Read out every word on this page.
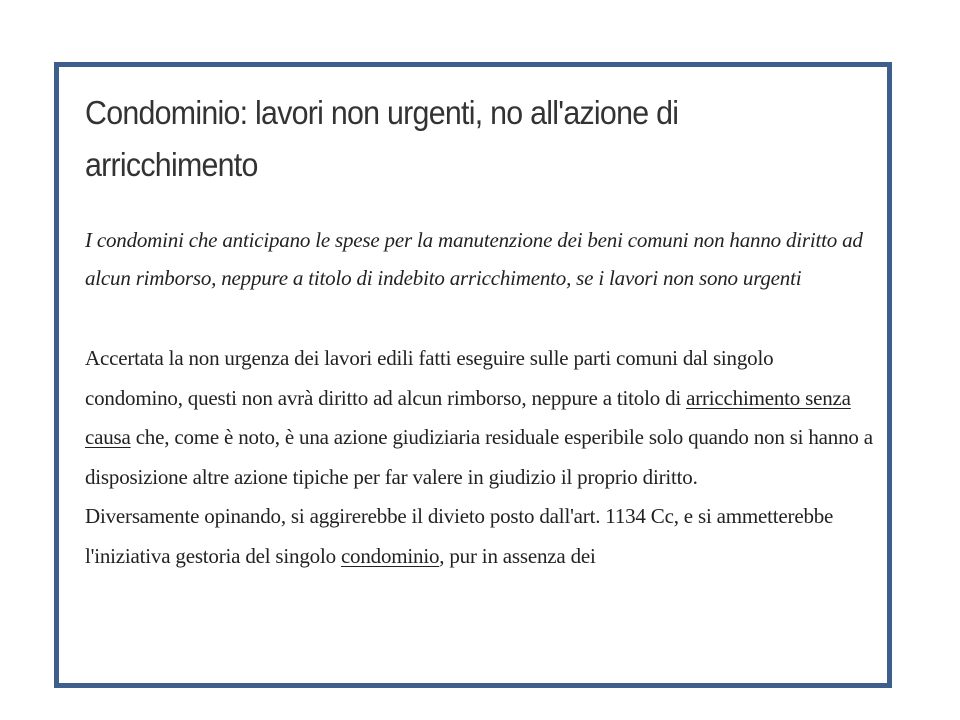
Condominio: lavori non urgenti, no all'azione di arricchimento
I condomini che anticipano le spese per la manutenzione dei beni comuni non hanno diritto ad alcun rimborso, neppure a titolo di indebito arricchimento, se i lavori non sono urgenti

Accertata la non urgenza dei lavori edili fatti eseguire sulle parti comuni dal singolo condomino, questi non avrà diritto ad alcun rimborso, neppure a titolo di arricchimento senza causa che, come è noto, è una azione giudiziaria residuale esperibile solo quando non si hanno a disposizione altre azione tipiche per far valere in giudizio il proprio diritto.

Diversamente opinando, si aggirerebbe il divieto posto dall'art. 1134 Cc, e si ammetterebbe l'iniziativa gestoria del singolo condominio, pur in assenza dei
